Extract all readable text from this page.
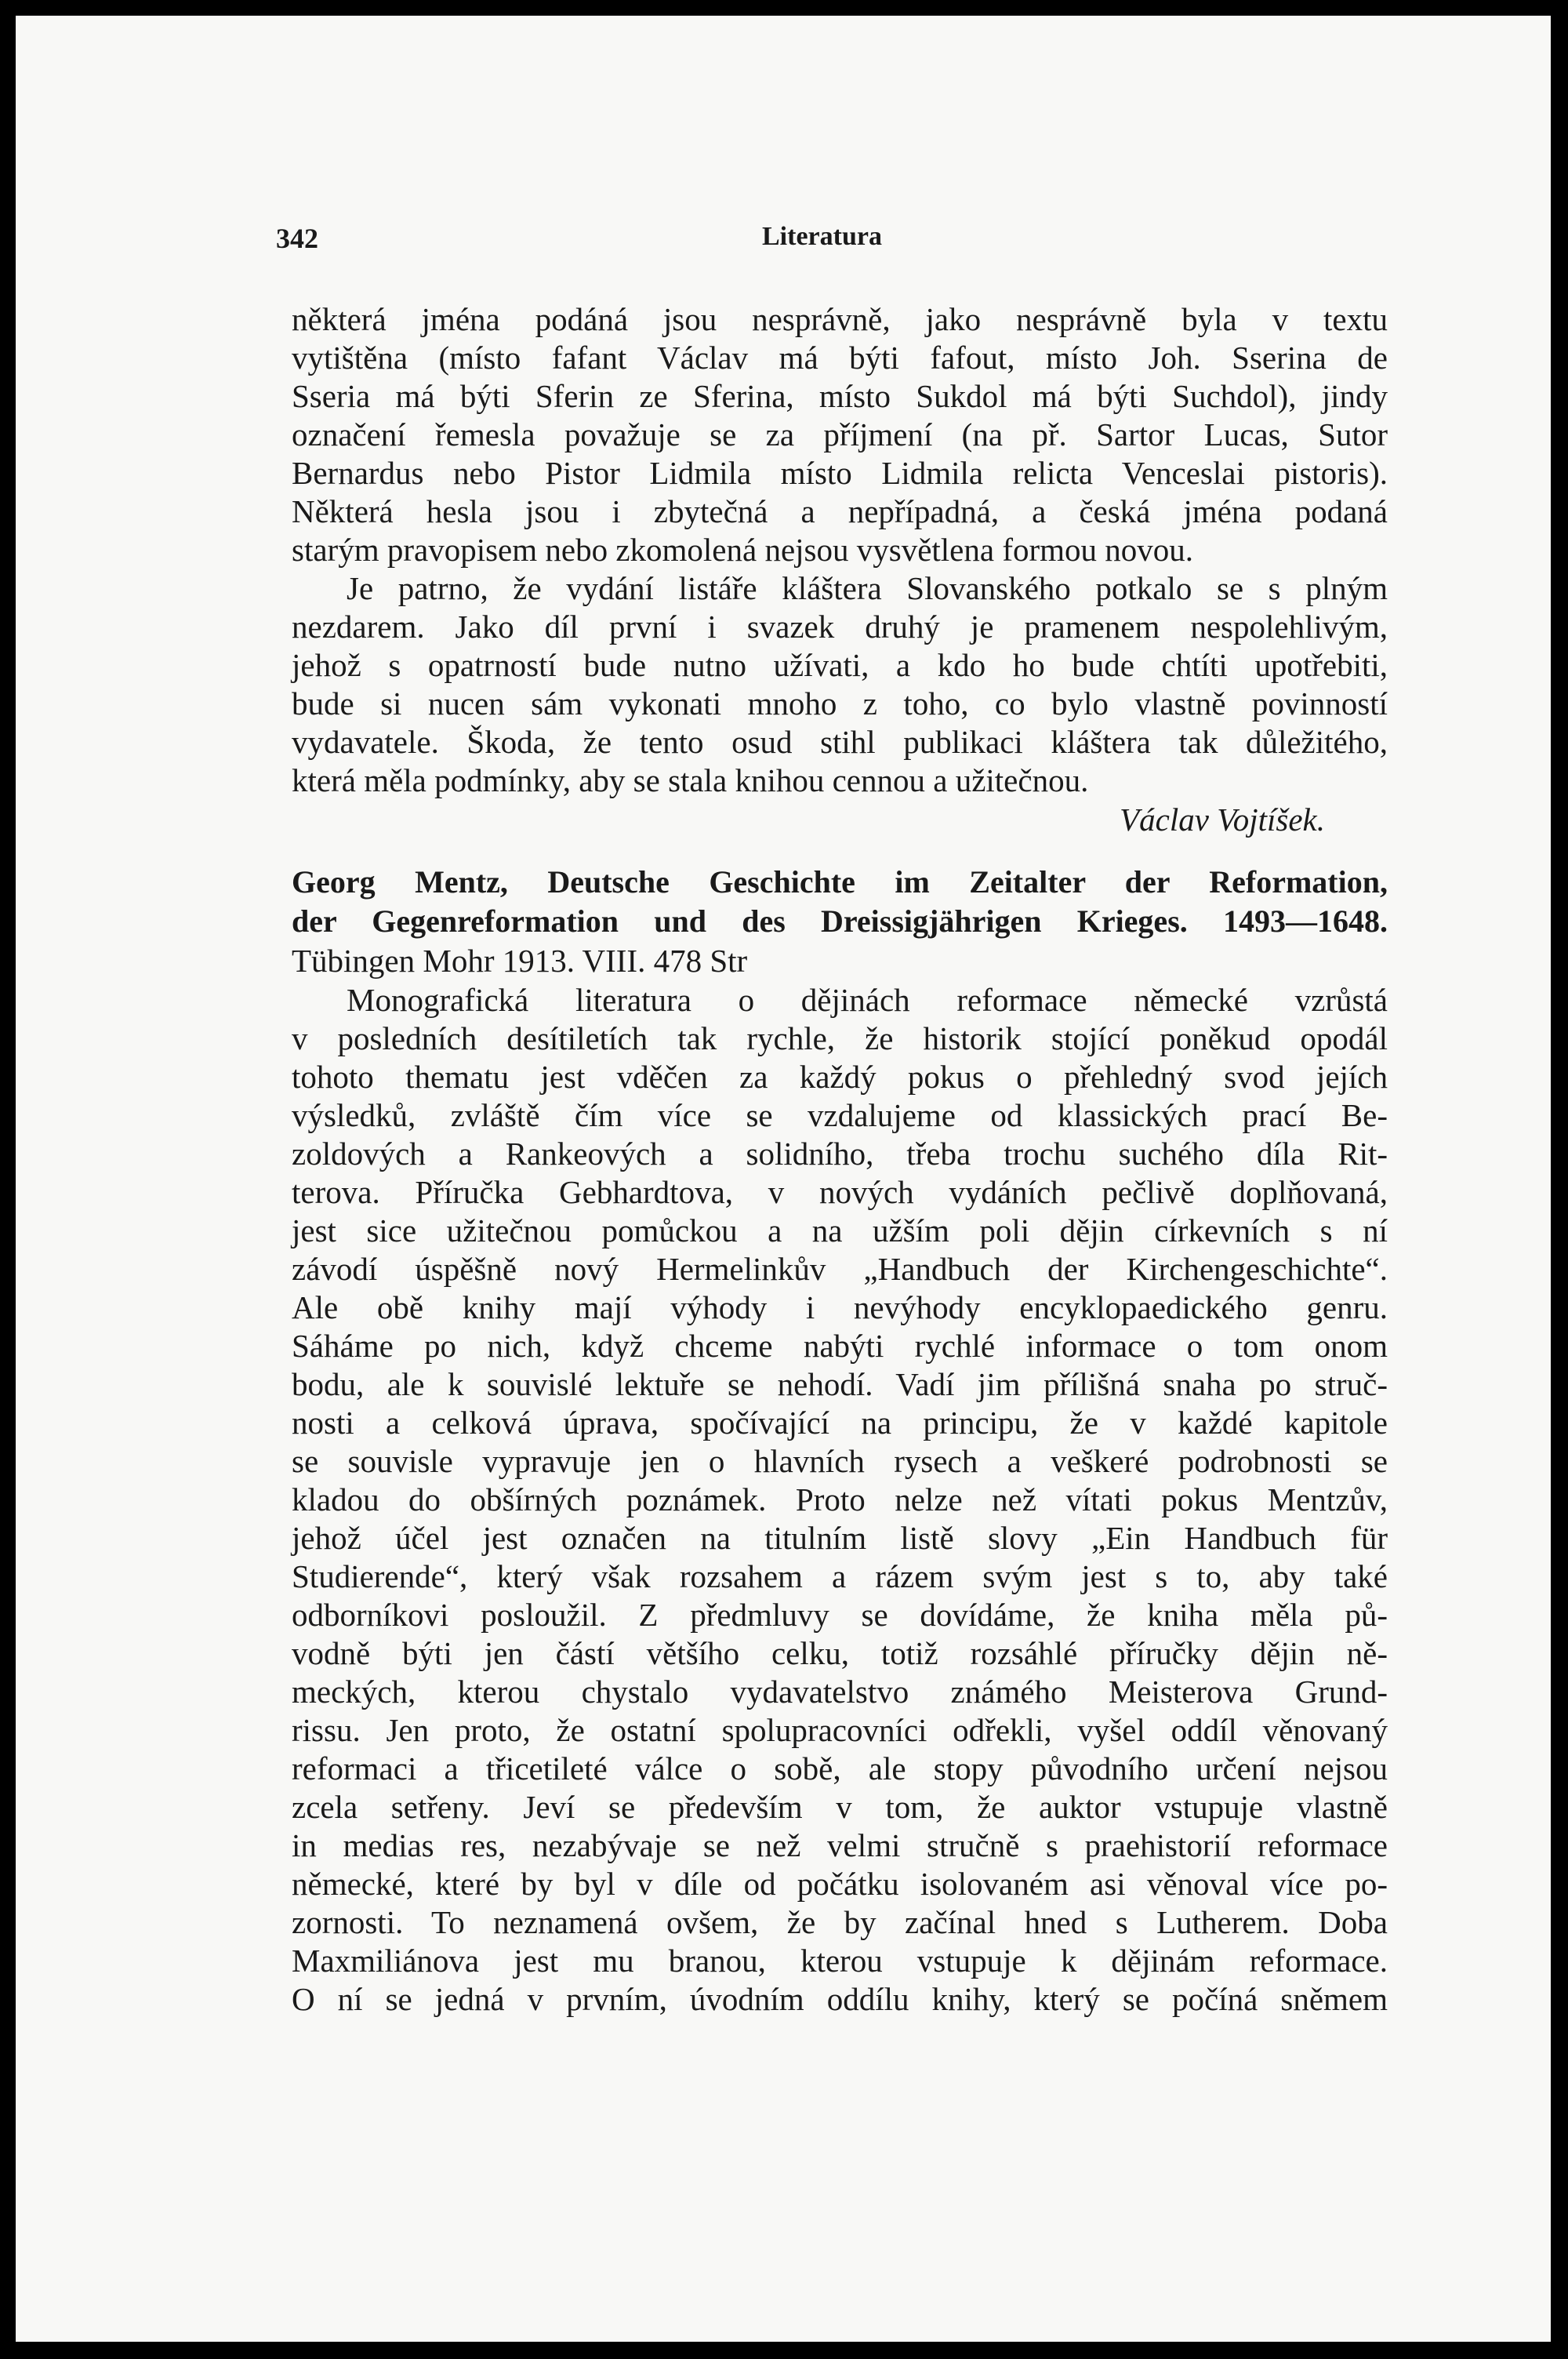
342	Literatura
některá jména podáná jsou nesprávně, jako nesprávně byla v textu
vytištěna (místo fafant Václav má býti fafout, místo Joh. Sserina de
Sseria má býti Sferin ze Sferina, místo Sukdol má býti Suchdol), jindy
označení řemesla považuje se za příjmení (na př. Sartor Lucas, Sutor
Bernardus nebo Pistor Lidmila místo Lidmila relicta Venceslai pistoris).
Některá hesla jsou i zbytečná a nepřípadná, a česká jména podaná
starým pravopisem nebo zkomolená nejsou vysvětlena formou novou.
Je patrno, že vydání listáře kláštera Slovanského potkalo se s plným
nezdarem. Jako díl první i svazek druhý je pramenem nespolehlivým,
jehož s opatrností bude nutno užívati, a kdo ho bude chtíti upotřebiti,
bude si nucen sám vykonati mnoho z toho, co bylo vlastně povinností
vydavatele. Škoda, že tento osud stihl publikaci kláštera tak důležitého,
která měla podmínky, aby se stala knihou cennou a užitečnou.
Václav Vojtíšek.
Georg Mentz, Deutsche Geschichte im Zeitalter der Reformation,
der Gegenreformation und des Dreissigjährigen Krieges. 1493—1648.
Tübingen Mohr 1913. VIII. 478 Str
Monografická literatura o dějinách reformace německé vzrůstá
v posledních desítiletích tak rychle, že historik stojící poněkud opodál
tohoto thematu jest vděčen za každý pokus o přehledný svod jejích
výsledků, zvláště čím více se vzdalujeme od klassických prací Be-
zoldových a Rankeových a solidního, třeba trochu suchého díla Rit-
terova. Příručka Gebhardtova, v nových vydáních pečlivě doplňovaná,
jest sice užitečnou pomůckou a na užším poli dějin církevních s ní
závodí úspěšně nový Hermelinkův „Handbuch der Kirchengeschichte“.
Ale obě knihy mají výhody i nevýhody encyklopaedického genru.
Sáháme po nich, když chceme nabýti rychlé informace o tom onom
bodu, ale k souvislé lektuře se nehodí. Vadí jim přílišná snaha po struč-
nosti a celková úprava, spočívající na principu, že v každé kapitole
se souvisle vypravuje jen o hlavních rysech a veškeré podrobnosti se
kladou do obšírných poznámek. Proto nelze než vítati pokus Mentzův,
jehož účel jest označen na titulním listě slovy „Ein Handbuch für
Studierende“, který však rozsahem a rázem svým jest s to, aby také
odborníkovi posloužil. Z předmluvy se dovídáme, že kniha měla pů-
vodně býti jen částí většího celku, totiž rozsáhlé příručky dějin ně-
meckých, kterou chystalo vydavatelstvo známého Meisterova Grund-
rissu. Jen proto, že ostatní spolupracovníci odřekli, vyšel oddíl věnovaný
reformaci a třicetileté válce o sobě, ale stopy původního určení nejsou
zcela setřeny. Jeví se především v tom, že auktor vstupuje vlastně
in medias res, nezabývaje se než velmi stručně s praehistorií reformace
německé, které by byl v díle od počátku isolovaném asi věnoval více po-
zornosti. To neznamená ovšem, že by začínal hned s Lutherem. Doba
Maxmiliánova jest mu branou, kterou vstupuje k dějinám reformace.
O ní se jedná v prvním, úvodním oddílu knihy, který se počíná sněmem
